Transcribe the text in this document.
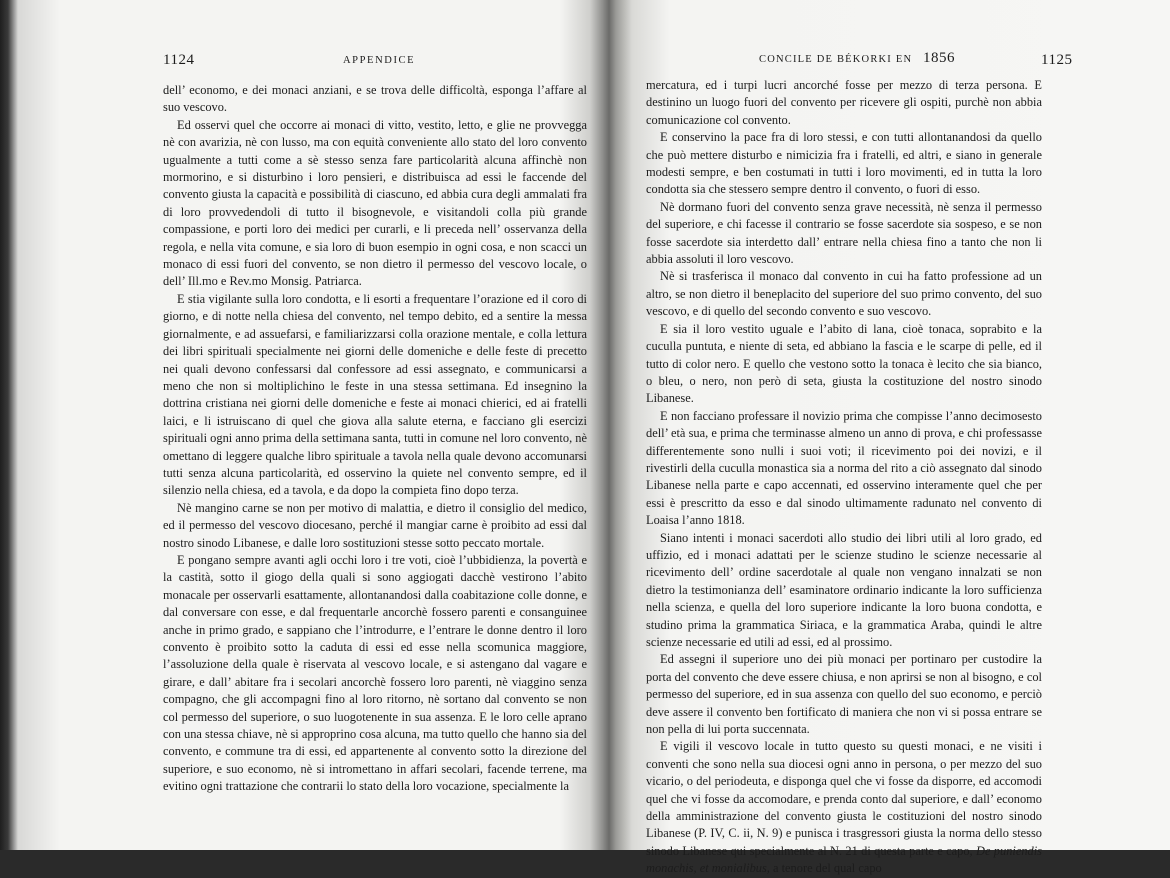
1124	APPENDICE

dell’ economo, e dei monaci anziani, e se trova delle difficoltà, esponga l’affare al suo vescovo.

Ed osservi quel che occorre ai monaci di vitto, vestito, letto, e glie ne provvegga nè con avarizia, nè con lusso, ma con equità conveniente allo stato del loro convento ugualmente a tutti come a sè stesso senza fare particolarità alcuna affinchè non mormorino, e si disturbino i loro pensieri, e distribuisca ad essi le faccende del convento giusta la capacità e possibilità di ciascuno, ed abbia cura degli ammalati fra di loro provvedendoli di tutto il bisognevole, e visitandoli colla più grande compassione, e porti loro dei medici per curarli, e li preceda nell’ osservanza della regola, e nella vita comune, e sia loro di buon esempio in ogni cosa, e non scacci un monaco di essi fuori del convento, se non dietro il permesso del vescovo locale, o dell’ Ill.mo e Rev.mo Monsig. Patriarca.

E stia vigilante sulla loro condotta, e li esorti a frequentare l’orazione ed il coro di giorno, e di notte nella chiesa del convento, nel tempo debito, ed a sentire la messa giornalmente, e ad assuefarsi, e familiarizzarsi colla orazione mentale, e colla lettura dei libri spirituali specialmente nei giorni delle domeniche e delle feste di precetto nei quali devono confessarsi dal confessore ad essi assegnato, e communicarsi a meno che non si moltiplichino le feste in una stessa settimana. Ed insegnino la dottrina cristiana nei giorni delle domeniche e feste ai monaci chierici, ed ai fratelli laici, e li istruiscano di quel che giova alla salute eterna, e facciano gli esercizi spirituali ogni anno prima della settimana santa, tutti in comune nel loro convento, nè omettano di leggere qualche libro spirituale a tavola nella quale devono accomunarsi tutti senza alcuna particolarità, ed osservino la quiete nel convento sempre, ed il silenzio nella chiesa, ed a tavola, e da dopo la compieta fino dopo terza.

Nè mangino carne se non per motivo di malattia, e dietro il consiglio del medico, ed il permesso del vescovo diocesano, perché il mangiar carne è proibito ad essi dal nostro sinodo Libanese, e dalle loro sostituzioni stesse sotto peccato mortale.

E pongano sempre avanti agli occhi loro i tre voti, cioè l’ubbidienza, la povertà e la castità, sotto il giogo della quali si sono aggiogati dacchè vestirono l’abito monacale per osservarli esattamente, allontanandosi dalla coabitazione colle donne, e dal conversare con esse, e dal frequentarle ancorchè fossero parenti e consanguinee anche in primo grado, e sappiano che l’introdurre, e l’entrare le donne dentro il loro convento è proibito sotto la caduta di essi ed esse nella scomunica maggiore, l’assoluzione della quale è riservata al vescovo locale, e si astengano dal vagare e girare, e dall’ abitare fra i secolari ancorchè fossero loro parenti, nè viaggino senza compagno, che gli accompagni fino al loro ritorno, nè sortano dal convento se non col permesso del superiore, o suo luogotenente in sua assenza. E le loro celle aprano con una stessa chiave, nè si approprino cosa alcuna, ma tutto quello che hanno sia del convento, e commune tra di essi, ed appartenente al convento sotto la direzione del superiore, e suo economo, nè si intromettano in affari secolari, facende terrene, ma evitino ogni trattazione che contrarii lo stato della loro vocazione, specialmente la

CONCILE DE BÉKORKI EN 1856	1125

mercatura, ed i turpi lucri ancorché fosse per mezzo di terza persona. E destinino un luogo fuori del convento per ricevere gli ospiti, purchè non abbia comunicazione col convento.

E conservino la pace fra di loro stessi, e con tutti allontanandosi da quello che può mettere disturbo e nimicizia fra i fratelli, ed altri, e siano in generale modesti sempre, e ben costumati in tutti i loro movimenti, ed in tutta la loro condotta sia che stessero sempre dentro il convento, o fuori di esso.

Nè dormano fuori del convento senza grave necessità, nè senza il permesso del superiore, e chi facesse il contrario se fosse sacerdote sia sospeso, e se non fosse sacerdote sia interdetto dall’ entrare nella chiesa fino a tanto che non li abbia assoluti il loro vescovo.

Nè si trasferisca il monaco dal convento in cui ha fatto professione ad un altro, se non dietro il beneplacito del superiore del suo primo convento, del suo vescovo, e di quello del secondo convento e suo vescovo.

E sia il loro vestito uguale e l’abito di lana, cioè tonaca, soprabito e la cuculla puntuta, e niente di seta, ed abbiano la fascia e le scarpe di pelle, ed il tutto di color nero. E quello che vestono sotto la tonaca è lecito che sia bianco, o bleu, o nero, non però di seta, giusta la costituzione del nostro sinodo Libanese.

E non facciano professare il novizio prima che compisse l’anno decimosesto dell’ età sua, e prima che terminasse almeno un anno di prova, e chi professasse differentemente sono nulli i suoi voti; il ricevimento poi dei novizi, e il rivestirli della cuculla monastica sia a norma del rito a ciò assegnato dal sinodo Libanese nella parte e capo accennati, ed osservino interamente quel che per essi è prescritto da esso e dal sinodo ultimamente radunato nel convento di Loaisa l’anno 1818.

Siano intenti i monaci sacerdoti allo studio dei libri utili al loro grado, ed uffizio, ed i monaci adattati per le scienze studino le scienze necessarie al ricevimento dell’ ordine sacerdotale al quale non vengano innalzati se non dietro la testimonianza dell’ esaminatore ordinario indicante la loro sufficienza nella scienza, e quella del loro superiore indicante la loro buona condotta, e studino prima la grammatica Siriaca, e la grammatica Araba, quindi le altre scienze necessarie ed utili ad essi, ed al prossimo.

Ed assegni il superiore uno dei più monaci per portinaro per custodire la porta del convento che deve essere chiusa, e non aprirsi se non al bisogno, e col permesso del superiore, ed in sua assenza con quello del suo economo, e perciò deve assere il convento ben fortificato di maniera che non vi si possa entrare se non pella di lui porta succennata.

E vigili il vescovo locale in tutto questo su questi monaci, e ne visiti i conventi che sono nella sua diocesi ogni anno in persona, o per mezzo del suo vicario, o del periodeuta, e disponga quel che vi fosse da disporre, ed accomodi quel che vi fosse da accomodare, e prenda conto dal superiore, e dall’ economo della amministrazione del convento giusta le costituzioni del nostro sinodo Libanese (P. IV, C. ii, N. 9) e punisca i trasgressori giusta la norma dello stesso sinodo Libanese qui specialmente al N. 21 di questa parte e capo, De puniendis monachis, et monialibus, a tenore del qual capo
